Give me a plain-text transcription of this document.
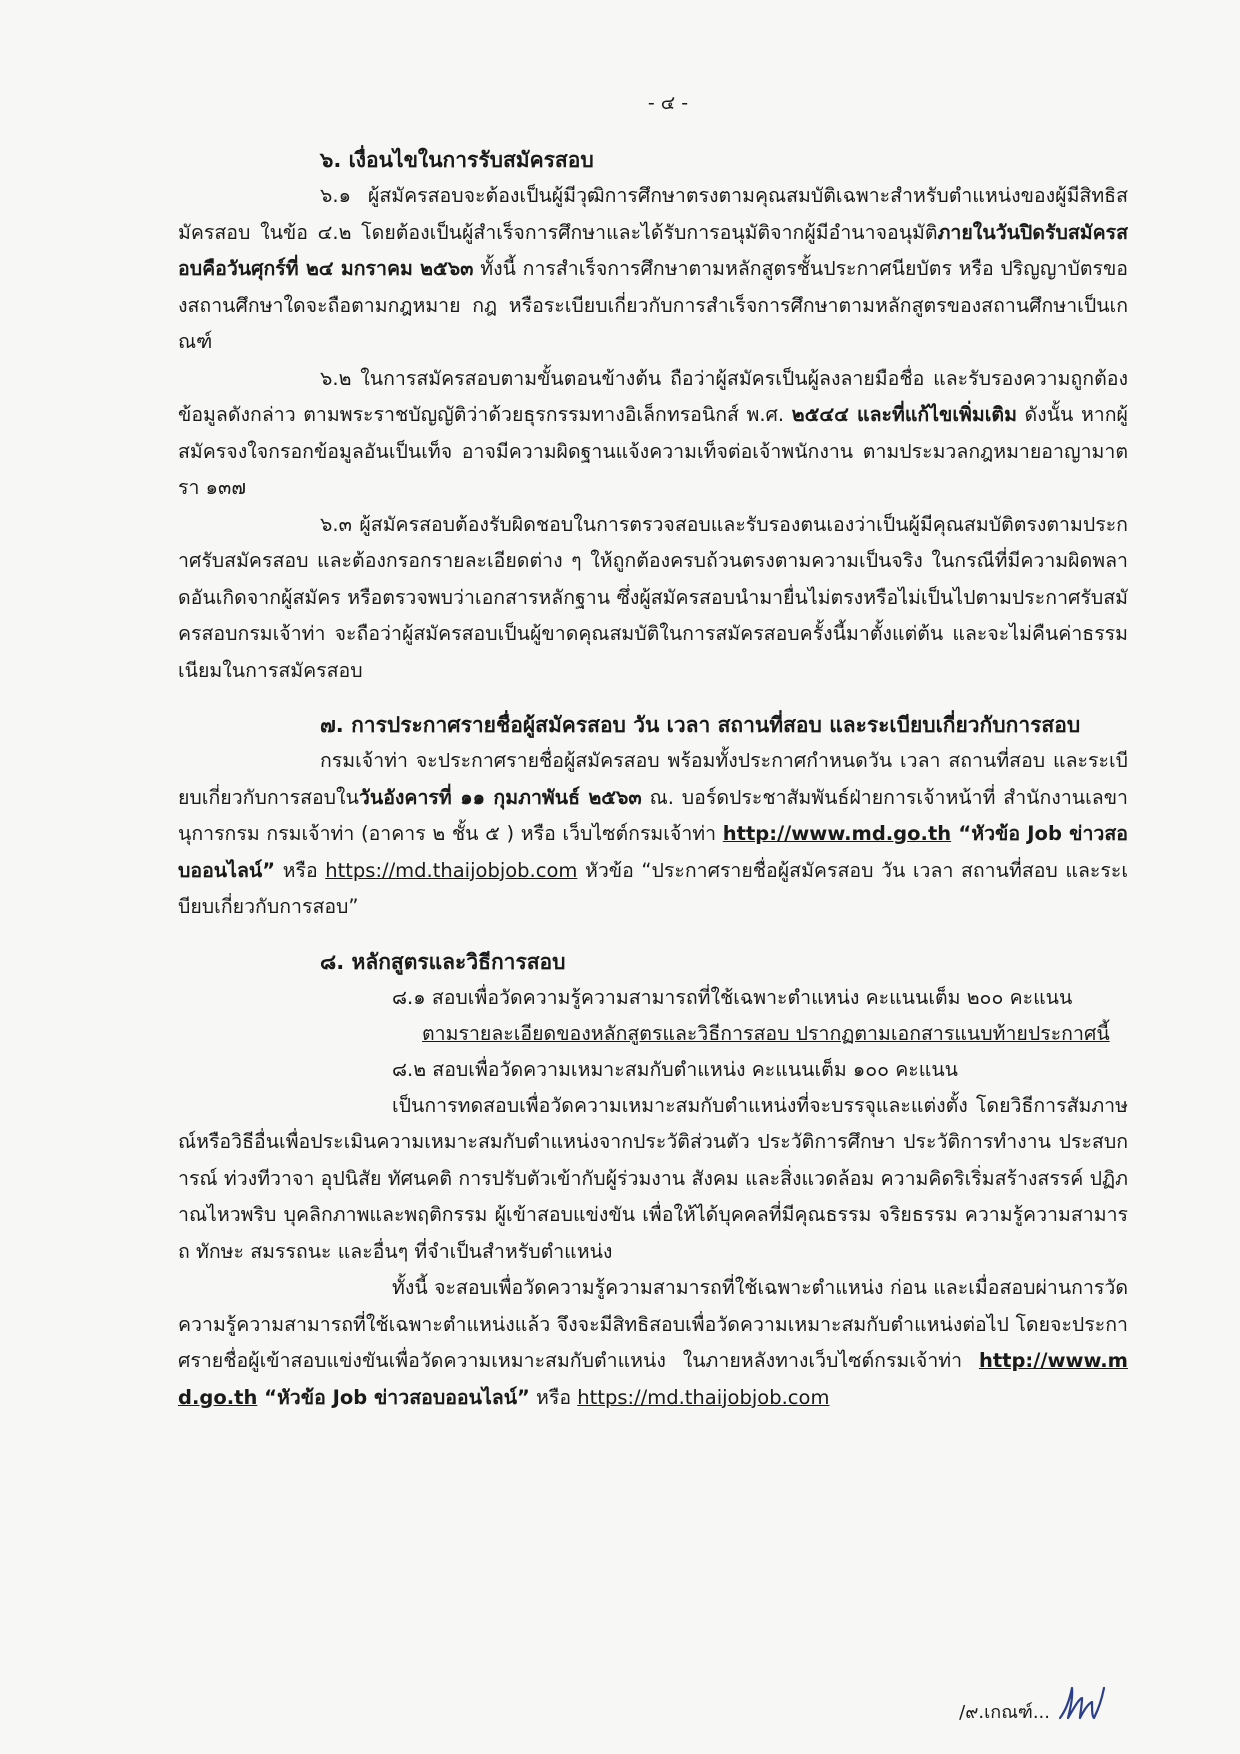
- ๔ -
๖. เงื่อนไขในการรับสมัครสอบ

๖.๑ ผู้สมัครสอบจะต้องเป็นผู้มีวุฒิการศึกษาตรงตามคุณสมบัติเฉพาะสำหรับตำแหน่งของผู้มีสิทธิสมัครสอบ ในข้อ ๔.๒ โดยต้องเป็นผู้สำเร็จการศึกษาและได้รับการอนุมัติจากผู้มีอำนาจอนุมัติภายในวันปิดรับสมัครสอบคือวันศุกร์ที่ ๒๔ มกราคม ๒๕๖๓ ทั้งนี้ การสำเร็จการศึกษาตามหลักสูตรชั้นประกาศนียบัตร หรือ ปริญญาบัตรของสถานศึกษาใดจะถือตามกฎหมาย กฎ หรือระเบียบเกี่ยวกับการสำเร็จการศึกษาตามหลักสูตรของสถานศึกษาเป็นเกณฑ์

๖.๒ ในการสมัครสอบตามขั้นตอนข้างต้น ถือว่าผู้สมัครเป็นผู้ลงลายมือชื่อ และรับรองความถูกต้องข้อมูลดังกล่าว ตามพระราชบัญญัติว่าด้วยธุรกรรมทางอิเล็กทรอนิกส์ พ.ศ. ๒๕๔๔ และที่แก้ไขเพิ่มเติม ดังนั้น หากผู้สมัครจงใจกรอกข้อมูลอันเป็นเท็จ อาจมีความผิดฐานแจ้งความเท็จต่อเจ้าพนักงาน ตามประมวลกฎหมายอาญามาตรา ๑๓๗

๖.๓ ผู้สมัครสอบต้องรับผิดชอบในการตรวจสอบและรับรองตนเองว่าเป็นผู้มีคุณสมบัติตรงตามประกาศรับสมัครสอบ และต้องกรอกรายละเอียดต่าง ๆ ให้ถูกต้องครบถ้วนตรงตามความเป็นจริง ในกรณีที่มีความผิดพลาดอันเกิดจากผู้สมัคร หรือตรวจพบว่าเอกสารหลักฐาน ซึ่งผู้สมัครสอบนำมายื่นไม่ตรงหรือไม่เป็นไปตามประกาศรับสมัครสอบกรมเจ้าท่า จะถือว่าผู้สมัครสอบเป็นผู้ขาดคุณสมบัติในการสมัครสอบครั้งนี้มาตั้งแต่ต้น และจะไม่คืนค่าธรรมเนียมในการสมัครสอบ

๗. การประกาศรายชื่อผู้สมัครสอบ วัน เวลา สถานที่สอบ และระเบียบเกี่ยวกับการสอบ

กรมเจ้าท่า จะประกาศรายชื่อผู้สมัครสอบ พร้อมทั้งประกาศกำหนดวัน เวลา สถานที่สอบ และระเบียบเกี่ยวกับการสอบในวันอังคารที่ ๑๑ กุมภาพันธ์ ๒๕๖๓ ณ. บอร์ดประชาสัมพันธ์ฝ่ายการเจ้าหน้าที่ สำนักงานเลขานุการกรม กรมเจ้าท่า (อาคาร ๒ ชั้น ๕ ) หรือ เว็บไซต์กรมเจ้าท่า http://www.md.go.th “หัวข้อ Job ข่าวสอบออนไลน์” หรือ https://md.thaijobjob.com หัวข้อ “ประกาศรายชื่อผู้สมัครสอบ วัน เวลา สถานที่สอบ และระเบียบเกี่ยวกับการสอบ”

๘. หลักสูตรและวิธีการสอบ
๘.๑ สอบเพื่อวัดความรู้ความสามารถที่ใช้เฉพาะตำแหน่ง คะแนนเต็ม ๒๐๐ คะแนน
ตามรายละเอียดของหลักสูตรและวิธีการสอบ ปรากฏตามเอกสารแนบท้ายประกาศนี้
๘.๒ สอบเพื่อวัดความเหมาะสมกับตำแหน่ง คะแนนเต็ม ๑๐๐ คะแนน

เป็นการทดสอบเพื่อวัดความเหมาะสมกับตำแหน่งที่จะบรรจุและแต่งตั้ง โดยวิธีการสัมภาษณ์หรือวิธีอื่นเพื่อประเมินความเหมาะสมกับตำแหน่งจากประวัติส่วนตัว ประวัติการศึกษา ประวัติการทำงาน ประสบการณ์ ท่วงทีวาจา อุปนิสัย ทัศนคติ การปรับตัวเข้ากับผู้ร่วมงาน สังคม และสิ่งแวดล้อม ความคิดริเริ่มสร้างสรรค์ ปฏิภาณไหวพริบ บุคลิกภาพและพฤติกรรม ผู้เข้าสอบแข่งขัน เพื่อให้ได้บุคคลที่มีคุณธรรม จริยธรรม ความรู้ความสามารถ ทักษะ สมรรถนะ และอื่นๆ ที่จำเป็นสำหรับตำแหน่ง

ทั้งนี้ จะสอบเพื่อวัดความรู้ความสามารถที่ใช้เฉพาะตำแหน่ง ก่อน และเมื่อสอบผ่านการวัดความรู้ความสามารถที่ใช้เฉพาะตำแหน่งแล้ว จึงจะมีสิทธิสอบเพื่อวัดความเหมาะสมกับตำแหน่งต่อไป โดยจะประกาศรายชื่อผู้เข้าสอบแข่งขันเพื่อวัดความเหมาะสมกับตำแหน่ง ในภายหลังทางเว็บไซต์กรมเจ้าท่า http://www.md.go.th “หัวข้อ Job ข่าวสอบออนไลน์” หรือ https://md.thaijobjob.com

/๙.เกณฑ์...
